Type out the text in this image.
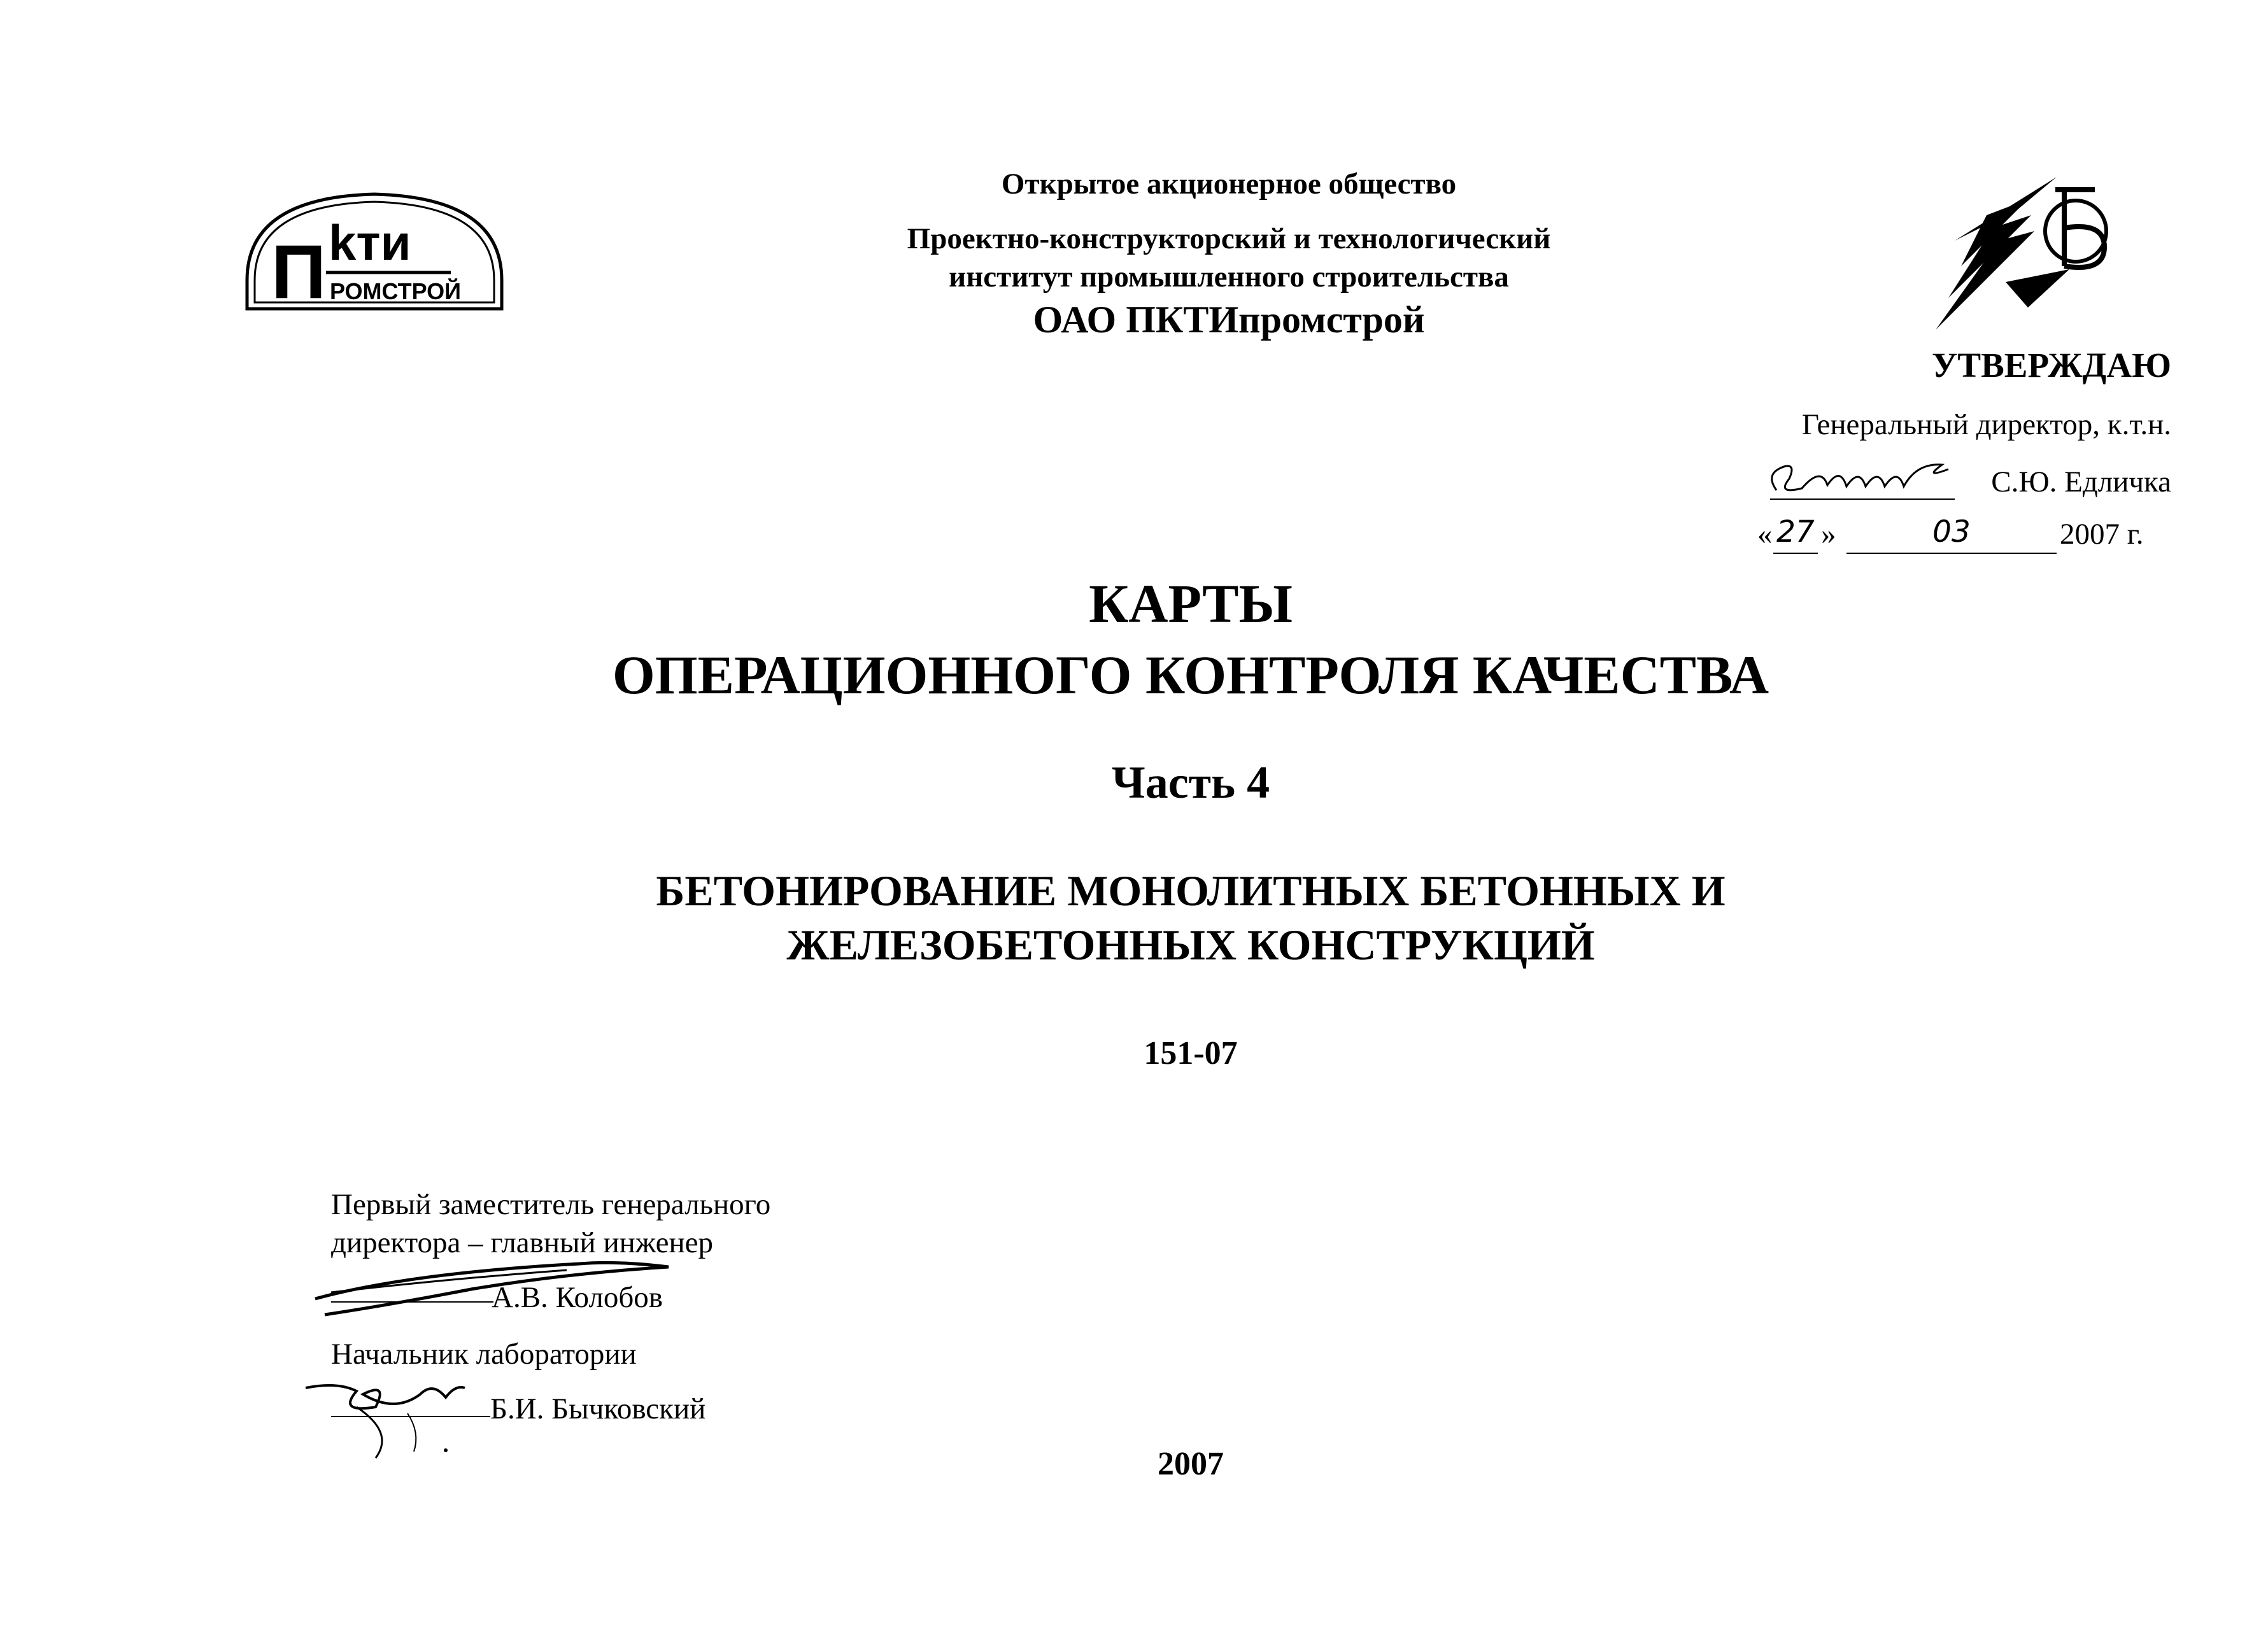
П kти
РОМСТРОЙ
Открытое акционерное общество
Проектно-конструкторский и технологический
институт промышленного строительства
ОАО ПКТИпромстрой
УТВЕРЖДАЮ
Генеральный директор, к.т.н.
С.Ю. Едличка
« 27 »	03	2007 г.
КАРТЫ
ОПЕРАЦИОННОГО КОНТРОЛЯ КАЧЕСТВА
Часть 4
БЕТОНИРОВАНИЕ МОНОЛИТНЫХ БЕТОННЫХ И
ЖЕЛЕЗОБЕТОННЫХ КОНСТРУКЦИЙ
151-07
Первый заместитель генерального
директора – главный инженер
А.В. Колобов
Начальник лаборатории
Б.И. Бычковский
2007
